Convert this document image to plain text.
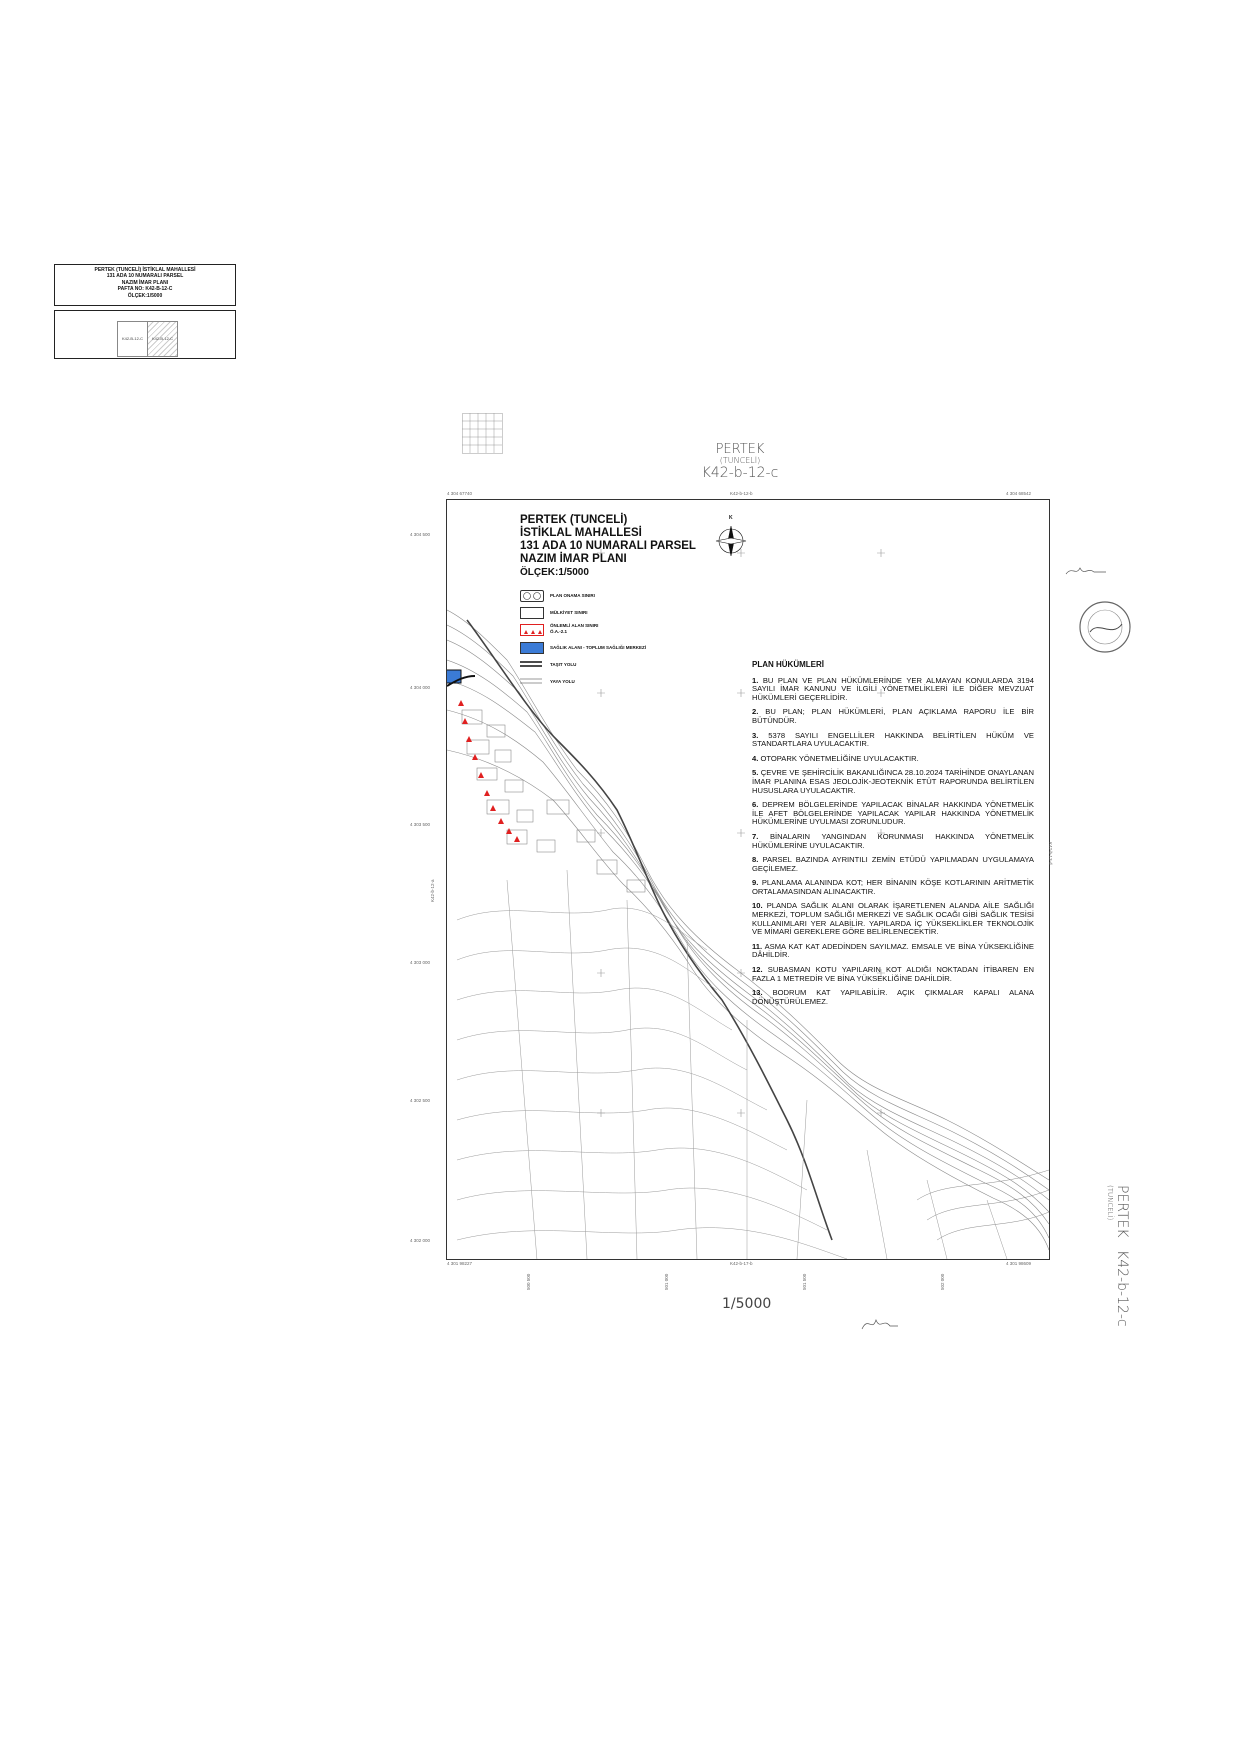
PERTEK (TUNCELİ) İSTİKLAL MAHALLESİ
131 ADA 10 NUMARALI PARSEL
NAZIM İMAR PLANI
PAFTA NO: K42-B-12-C
ÖLÇEK:1/5000
K42-B-12-C	K42-B-12-C
PERTEK
(TUNCELİ)
K42-b-12-c
4 304 67740	4 304 68542
K42-b-12-b
4 301 98227	4 301 98609
K42-b-17-b
4 304 500
4 304 000
4 303 500
4 303 000
4 302 500
4 302 000
500 500	501 000	501 500	502 000
K42-b-12-a
K42-b-13-d
PERTEK (TUNCELİ)
İSTİKLAL MAHALLESİ
131 ADA 10 NUMARALI PARSEL
NAZIM İMAR PLANI
ÖLÇEK:1/5000
K
PLAN ONAMA SINIRI
MÜLKİYET SINIRI
ÖNLEMLİ ALAN SINIRI
Ö.A.-2.1
SAĞLIK ALANI - TOPLUM SAĞLIĞI MERKEZİ
TAŞIT YOLU
YAYA YOLU
PLAN HÜKÜMLERİ
1. BU PLAN VE PLAN HÜKÜMLERİNDE YER ALMAYAN KONULARDA 3194 SAYILI İMAR KANUNU VE İLGİLİ YÖNETMELİKLERİ İLE DİĞER MEVZUAT HÜKÜMLERİ GEÇERLİDİR.
2. BU PLAN; PLAN HÜKÜMLERİ, PLAN AÇIKLAMA RAPORU İLE BİR BÜTÜNDÜR.
3. 5378 SAYILI ENGELLİLER HAKKINDA BELİRTİLEN HÜKÜM VE STANDARTLARA UYULACAKTIR.
4. OTOPARK YÖNETMELİĞİNE UYULACAKTIR.
5. ÇEVRE VE ŞEHİRCİLİK BAKANLIĞINCA 28.10.2024 TARİHİNDE ONAYLANAN İMAR PLANINA ESAS JEOLOJİK-JEOTEKNİK ETÜT RAPORUNDA BELİRTİLEN HUSUSLARA UYULACAKTIR.
6. DEPREM BÖLGELERİNDE YAPILACAK BİNALAR HAKKINDA YÖNETMELİK İLE AFET BÖLGELERİNDE YAPILACAK YAPILAR HAKKINDA YÖNETMELİK HÜKÜMLERİNE UYULMASI ZORUNLUDUR.
7. BİNALARIN YANGINDAN KORUNMASI HAKKINDA YÖNETMELİK HÜKÜMLERİNE UYULACAKTIR.
8. PARSEL BAZINDA AYRINTILI ZEMİN ETÜDÜ YAPILMADAN UYGULAMAYA GEÇİLEMEZ.
9. PLANLAMA ALANINDA KOT; HER BİNANIN KÖŞE KOTLARININ ARİTMETİK ORTALAMASINDAN ALINACAKTIR.
10. PLANDA SAĞLIK ALANI OLARAK İŞARETLENEN ALANDA AİLE SAĞLIĞI MERKEZİ, TOPLUM SAĞLIĞI MERKEZİ VE SAĞLIK OCAĞI GİBİ SAĞLIK TESİSİ KULLANIMLARI YER ALABİLİR. YAPILARDA İÇ YÜKSEKLİKLER TEKNOLOJİK VE MİMARİ GEREKLERE GÖRE BELİRLENECEKTİR.
11. ASMA KAT KAT ADEDİNDEN SAYILMAZ. EMSALE VE BİNA YÜKSEKLİĞİNE DÂHİLDİR.
12. SUBASMAN KOTU YAPILARIN KOT ALDIĞI NOKTADAN İTİBAREN EN FAZLA 1 METREDİR VE BİNA YÜKSEKLİĞİNE DAHİLDİR.
13. BODRUM KAT YAPILABİLİR. AÇIK ÇIKMALAR KAPALI ALANA DÖNÜŞTÜRÜLEMEZ.
1/5000
PERTEK K42-b-12-c
(TUNCELİ)
